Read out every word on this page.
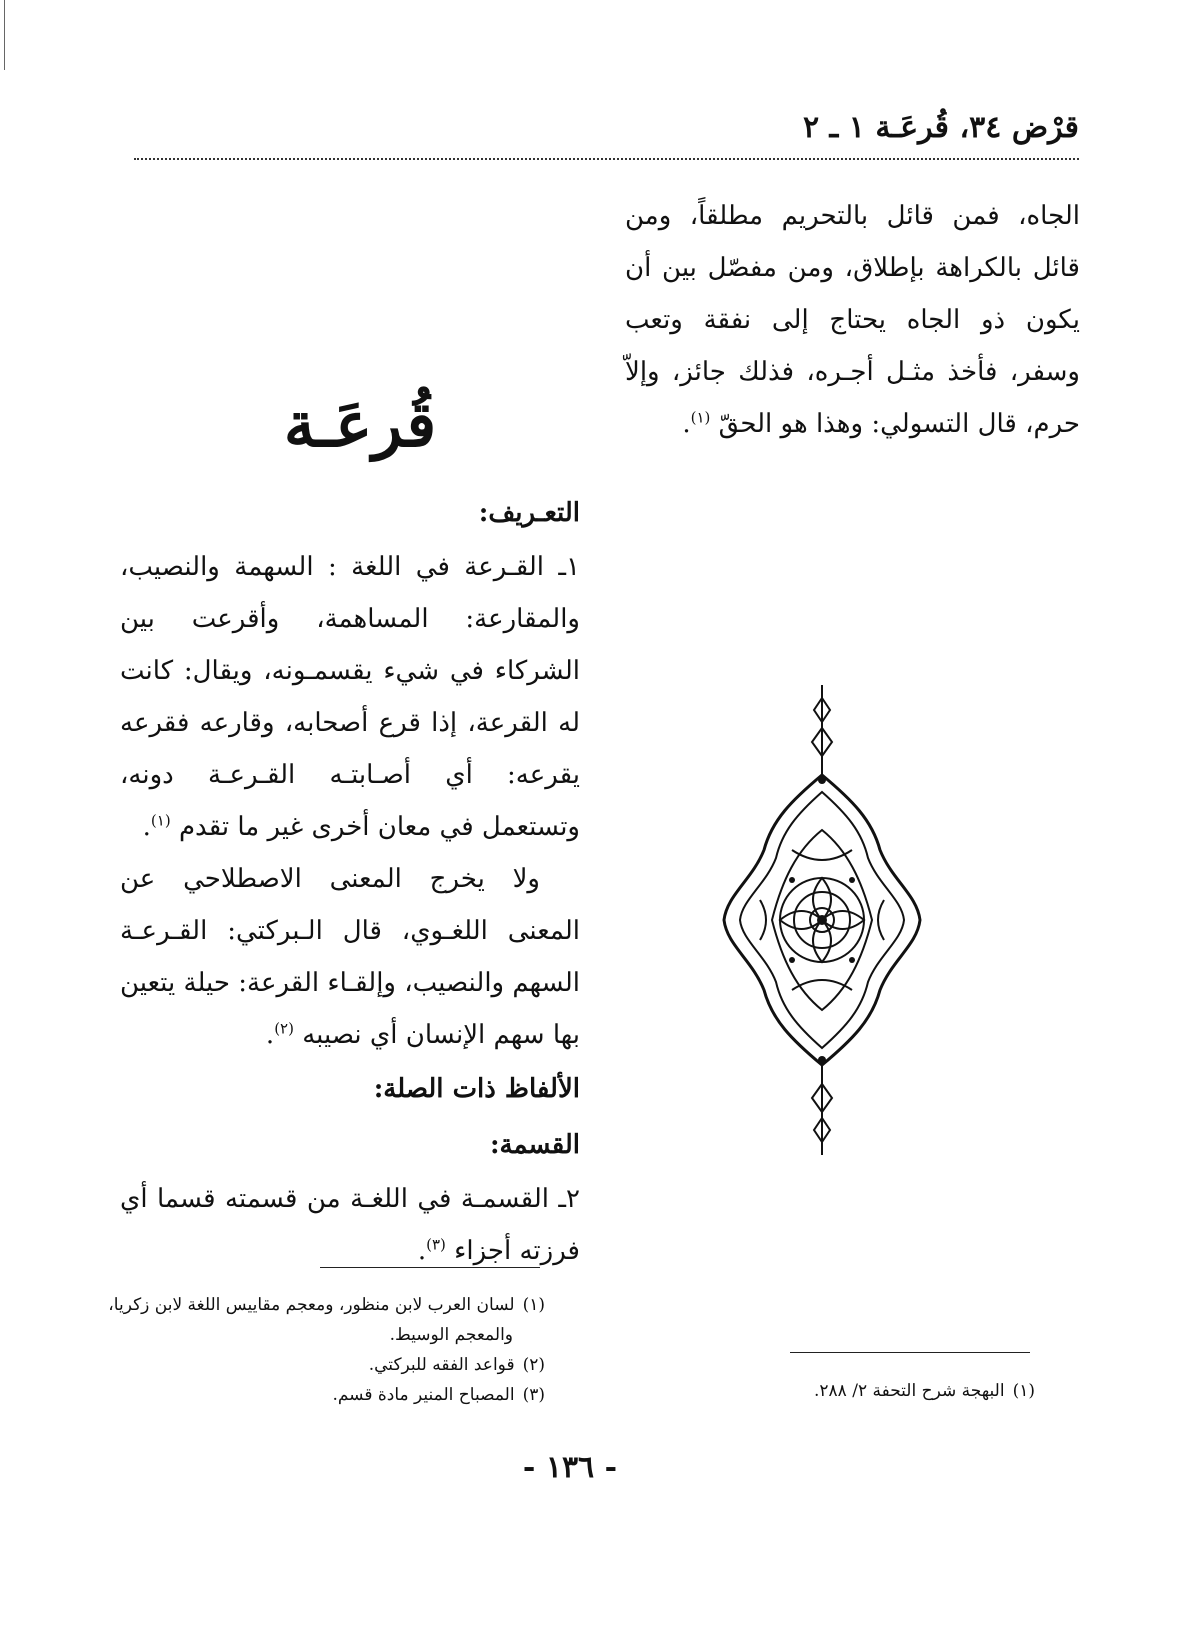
قرْض ٣٤، قُرعَـة ١ ـ ٢

الجاه، فمن قائل بالتحريم مطلقاً، ومن قائل بالكراهة بإطلاق، ومن مفصّل بين أن يكون ذو الجاه يحتاج إلى نفقة وتعب وسفر، فأخذ مثـل أجـره، فذلك جائز، وإلاّ حرم، قال التسولي: وهذا هو الحقّ $^{(١)}$.

قُرعَـة

التعـريف:

١ـ القـرعة في اللغة : السهمة والنصيب، والمقارعة: المساهمة، وأقرعت بين الشركاء في شيء يقسمـونه، ويقال: كانت له القرعة، إذا قرع أصحابه، وقارعه فقرعه يقرعه: أي أصـابتـه القـرعـة دونه، وتستعمل في معان أخرى غير ما تقدم $^{(١)}$.

ولا يخرج المعنى الاصطلاحي عن المعنى اللغـوي، قال الـبركتي: القـرعـة السهم والنصيب، وإلقـاء القرعة: حيلة يتعين بها سهم الإنسان أي نصيبه $^{(٢)}$.

الألفاظ ذات الصلة:

القسمة:

٢ـ القسمـة في اللغـة من قسمته قسما أي فرزته أجزاء $^{(٣)}$.

(١)لسان العرب لابن منظور، ومعجم مقاييس اللغة لابن زكريا،

والمعجم الوسيط.

(٢)قواعد الفقه للبركتي.

(٣)المصباح المنير مادة قسم.	(١)البهجة شرح التحفة ٢/ ٢٨٨.

- ١٣٦ -
